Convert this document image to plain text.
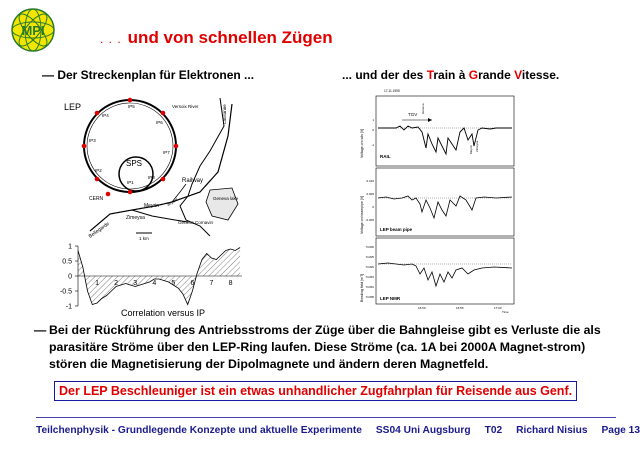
MPI
. . . und von schnellen Zügen
— Der Streckenplan für Elektronen ...	... und der des Train à Grande Vitesse.
LEP
SPS
Railway
CERN
Meyrin
Zimeysa
Bellegarde
Versoix River	Lausanne
Geneva lake
Geneva Cornavin
airport
1 km
IP1
IP2
IP3
IP4
IP5
IP6
IP7
IP8
1
0.5
0
-0.5
-1
4	7 8
Correlation versus IP
17.11.1995
Voltage on rails [V]
Voltage on beampipe [V]
Bending field [mT]
1
0
-1
0.010
0.005
0
-0.005
74.830
74.825
74.820
74.815
74.810
74.805
TGV
Geneva
Meyrin Zimeysa
RAIL
LEP beam pipe
LEP NMR
16:50	16:55	17:00
Time
— Bei der Rückführung des Antriebsstroms der Züge über die Bahngleise gibt es Verluste die als parasitäre Ströme über den LEP-Ring laufen. Diese Ströme (ca. 1A bei 2000A Magnet-strom) stören die Magnetisierung der Dipolmagnete und ändern deren Magnetfeld.
Der LEP Beschleuniger ist ein etwas unhandlicher Zugfahrplan für Reisende aus Genf.
Teilchenphysik - Grundlegende Konzepte und aktuelle Experimente SS04 Uni Augsburg T02 Richard Nisius Page 13
